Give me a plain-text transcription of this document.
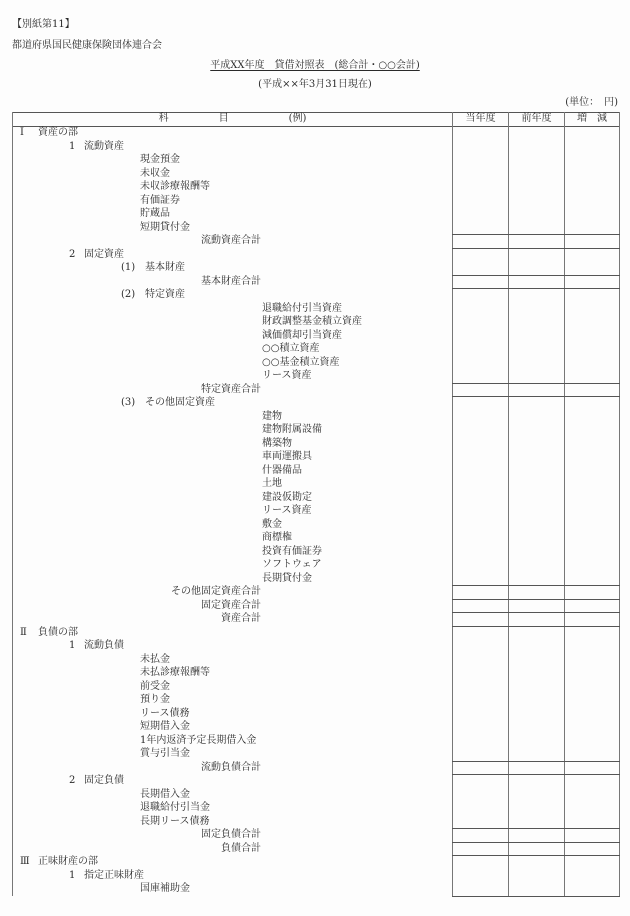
【別紙第11】
都道府県国民健康保険団体連合会
平成XX年度　貸借対照表　(総合計・○○会計)
(平成××年3月31日現在)
(単位：　円)
科　　　　　目　　　　　　(例)	当年度	前年度	増　減
Ⅰ 資産の部
1 流動資産
現金預金
未収金
未収診療報酬等
有価証券
貯蔵品
短期貸付金
流動資産合計
2 固定資産
(1) 基本財産
基本財産合計
(2) 特定資産
退職給付引当資産
財政調整基金積立資産
減価償却引当資産
○○積立資産
○○基金積立資産
リース資産
特定資産合計
(3) その他固定資産
建物
建物附属設備
構築物
車両運搬具
什器備品
土地
建設仮勘定
リース資産
敷金
商標権
投資有価証券
ソフトウェア
長期貸付金
その他固定資産合計
固定資産合計
資産合計
Ⅱ 負債の部
1 流動負債
未払金
未払診療報酬等
前受金
預り金
リース債務
短期借入金
1年内返済予定長期借入金
賞与引当金
流動負債合計
2 固定負債
長期借入金
退職給付引当金
長期リース債務
固定負債合計
負債合計
Ⅲ 正味財産の部
1 指定正味財産
国庫補助金
